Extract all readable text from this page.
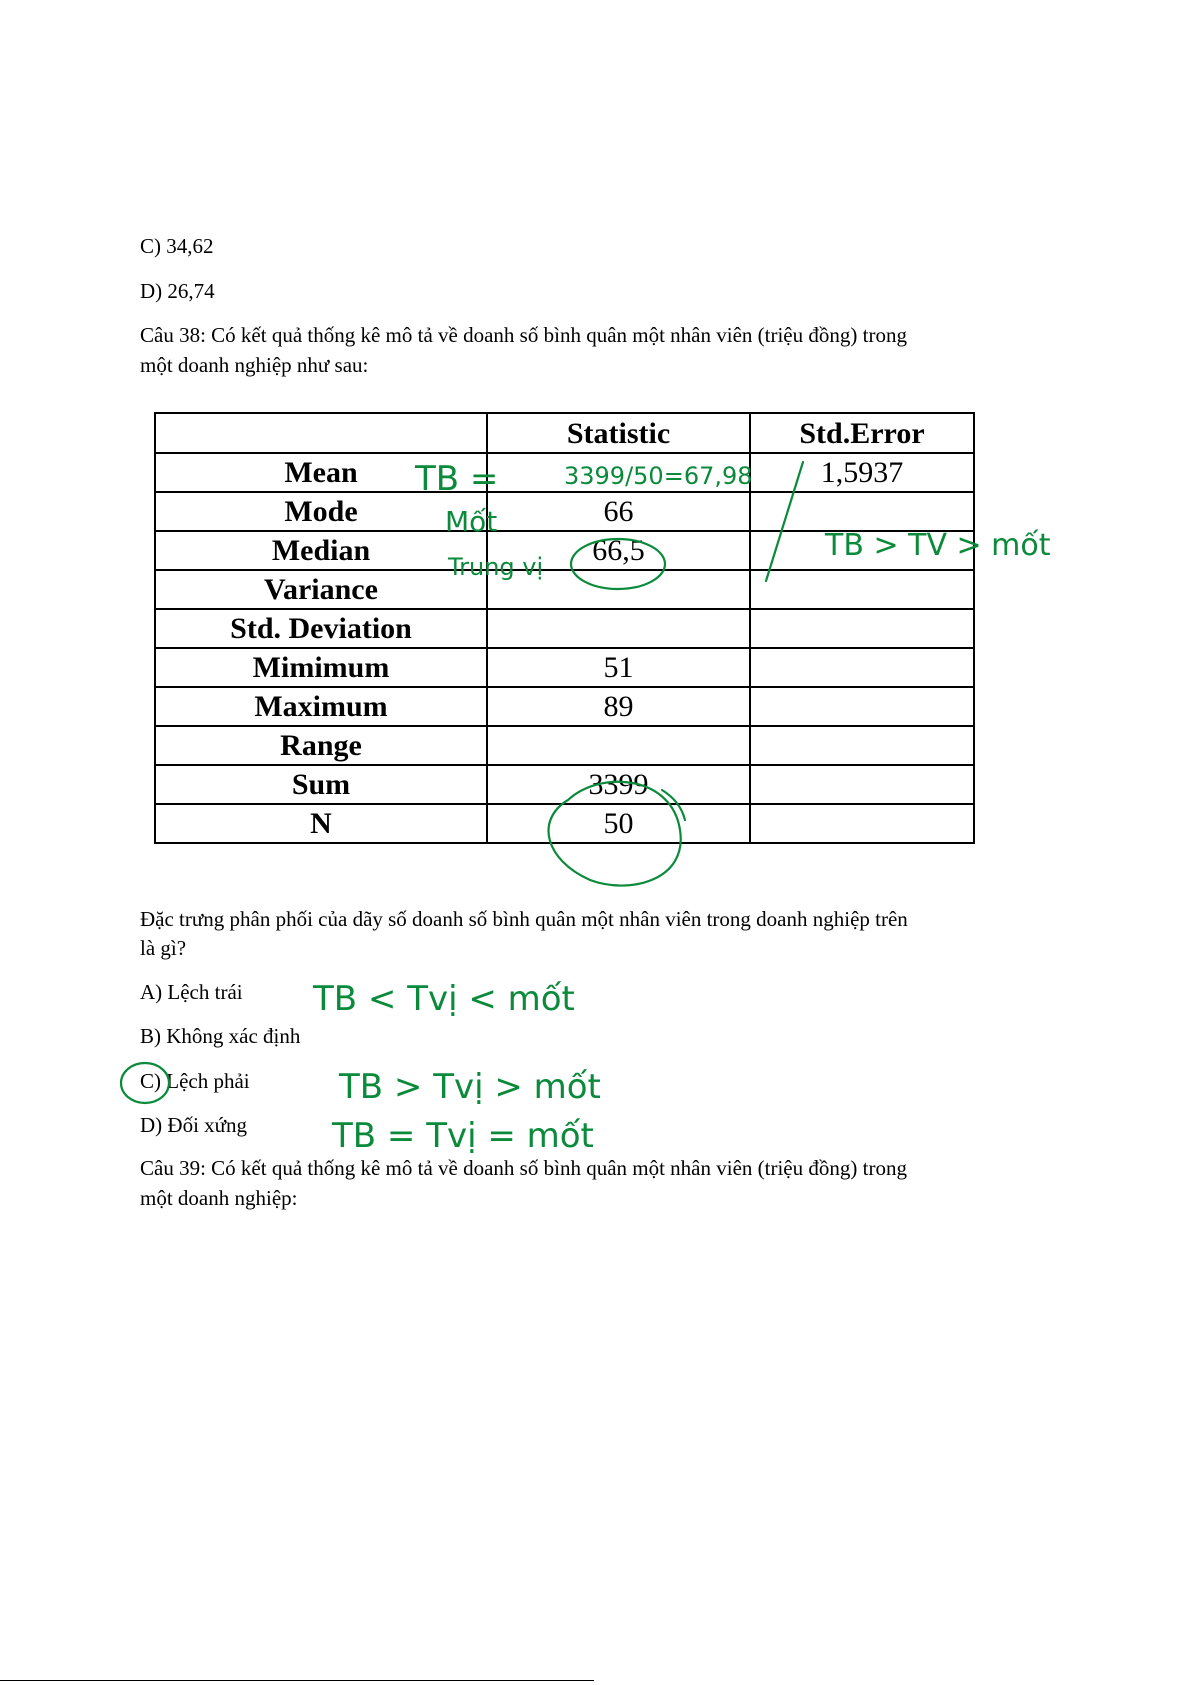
C) 34,62
D) 26,74
Câu 38: Có kết quả thống kê mô tả về doanh số bình quân một nhân viên (triệu đồng) trong
một doanh nghiệp như sau:
	Statistic	Std.Error
Mean		1,5937
Mode	66	
Median	66,5	
Variance		
Std. Deviation		
Mimimum	51	
Maximum	89	
Range		
Sum	3399	
N	50	
Đặc trưng phân phối của dãy số doanh số bình quân một nhân viên trong doanh nghiệp trên
là gì?
A) Lệch trái
B) Không xác định
C) Lệch phải
D) Đối xứng
Câu 39: Có kết quả thống kê mô tả về doanh số bình quân một nhân viên (triệu đồng) trong
một doanh nghiệp:
TB =	3399/50=67,98
Mốt
Trung vị
TB > TV > mốt
TB < Tvị < mốt
TB > Tvị > mốt
TB = Tvị = mốt
